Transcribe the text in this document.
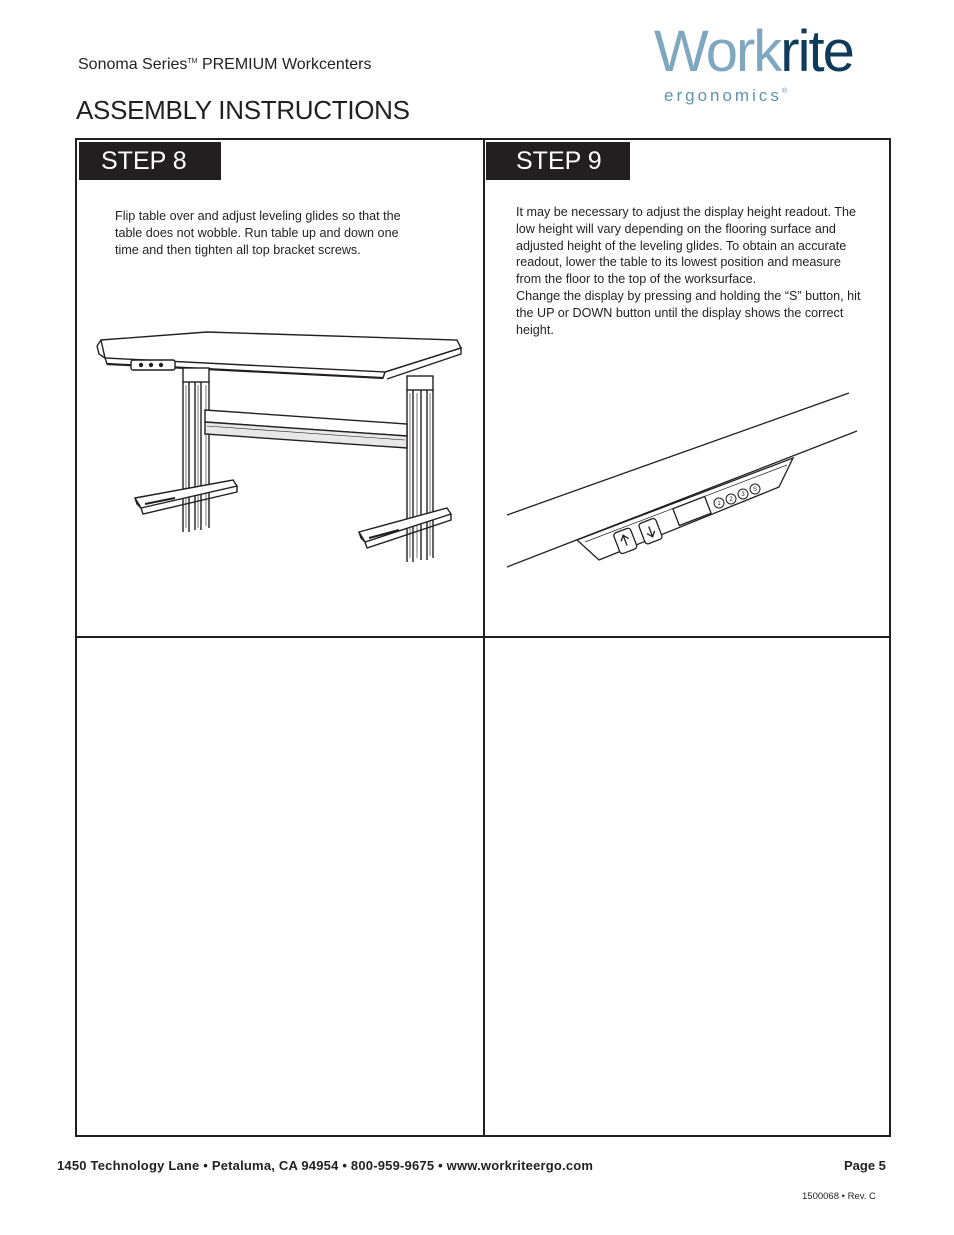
Sonoma Series™ PREMIUM Workcenters
ASSEMBLY INSTRUCTIONS
Workrite
ergonomics®
STEP 8
Flip table over and adjust leveling glides so that the table does not wobble. Run table up and down one time and then tighten all top bracket screws.
STEP 9

It may be necessary to adjust the display height readout. The low height will vary depending on the flooring surface and adjusted height of the leveling glides. To obtain an accurate readout, lower the table to its lowest position and measure from the floor to the top of the worksurface.

Change the display by pressing and holding the “S” button, hit the UP or DOWN button until the display shows the correct height.

1
2
3
S
1450 Technology Lane • Petaluma, CA 94954 • 800-959-9675 • www.workriteergo.com	Page 5
1500068 • Rev. C
